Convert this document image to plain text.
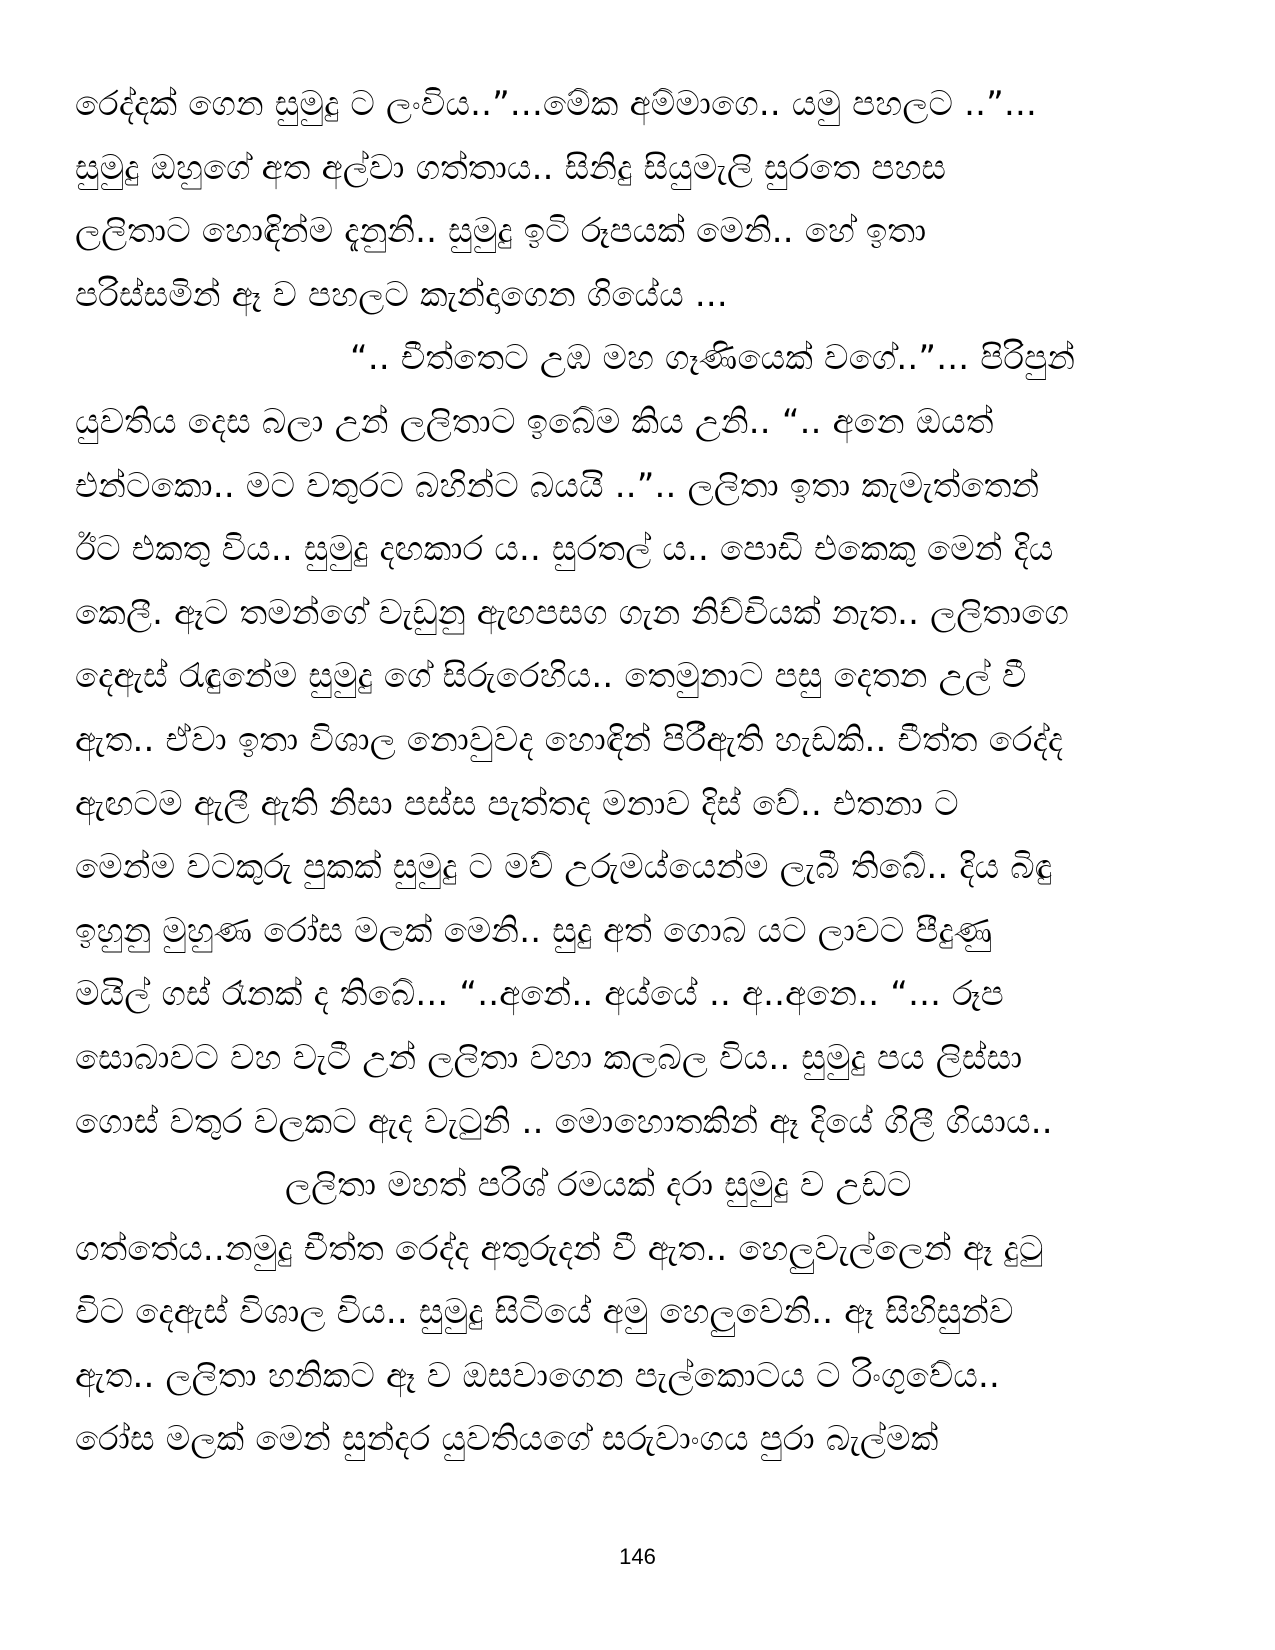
රෙද්දක් ගෙන සුමුදු ට ලංවිය..”...මේක අම්මාගෙ.. යමු පහලට ..”...
සුමුදු ඔහුගේ අත අල්වා ගත්තාය.. සිනිදු සියුමැලි සුරතෙ පහස
ලලිතාට හොඳින්ම දැනුනි.. සුමුදු ඉටි රූපයක් මෙනි.. හේ ඉතා
පරිස්සමින් ඈ ව පහලට කැන්දාගෙන ගියේය ...
“.. චීත්තෙට උඹ මහ ගෑණියෙක් වගේ..”... පිරිපුන්
යුවතිය දෙස බලා උන් ලලිතාට ඉබේම කිය උනි.. “.. අනෙ ඔයත්
එන්ටකො.. මට වතුරට බහින්ට බයයි ..”.. ලලිතා ඉතා කැමැත්තෙන්
ඊට එකතු විය.. සුමුදු දඟකාර ය.. සුරතල් ය.. පොඩි එකෙකු මෙන් දිය
කෙලී. ඈට තමන්ගේ වැඩුනු ඇඟපසග ගැන නිච්චියක් නැත.. ලලිතාගෙ
දෙඇස් රැඳුනේම සුමුදු ගේ සිරුරෙහිය.. තෙමුනාට පසු දෙතන උල් වී
ඇත.. ඒවා ඉතා විශාල නොවුවද හොඳින් පිරීඇති හැඩකි.. චීත්ත රෙද්ද
ඇඟටම ඇලී ඇති නිසා පස්ස පැත්තද මනාව දිස් වේ.. එතනා ට
මෙන්ම වටකුරු පුකක් සුමුදු ට මව් උරුමය්යෙන්ම ලැබී තිබේ.. දිය බිඳු
ඉහුනු මුහුණ රෝස මලක් මෙනි.. සුදු අත් ගොබ යට ලාවට පීදුණු
මයිල් ගස් රෑනක් ද තිබේ... “..අනේ.. අය්යේ .. අ..අනෙ.. “... රූප
සොබාවට වහ වැටී උන් ලලිතා වහා කලබල විය.. සුමුදු පය ලිස්සා
ගොස් වතුර වලකට ඇද වැටුනි .. මොහොතකින් ඈ දියේ ගිලී ගියාය..
ලලිතා මහත් පරිශ් රමයක් දරා සුමුදු ව උඩට
ගත්තේය..නමුදු චීත්ත රෙද්ද අතුරුදන් වී ඇත.. හෙලුවැල්ලෙන් ඈ දුටු
විට දෙඇස් විශාල විය.. සුමුදු සිටියේ අමු හෙලුවෙනි.. ඈ සිහිසුන්ව
ඇත.. ලලිතා හනිකට ඈ ව ඔසවාගෙන පැල්කොටය ට රිංගුවේය..
රෝස මලක් මෙන් සුන්දර යුවතියගේ සරුවාංගය පුරා බැල්මක්
146
